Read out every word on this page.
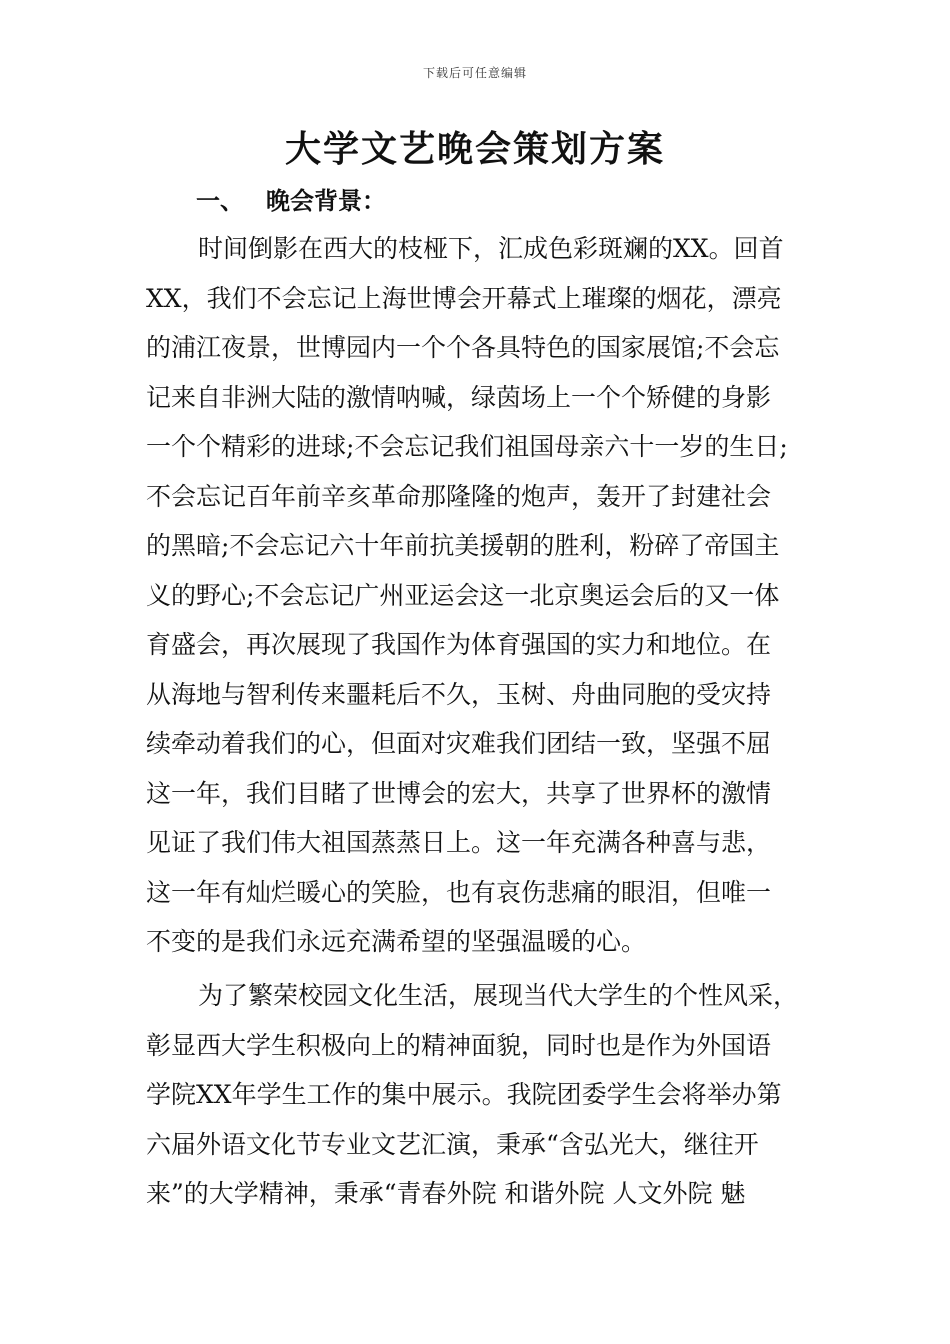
下载后可任意编辑
大学文艺晚会策划方案
一、 晚会背景：
时间倒影在西大的枝桠下，汇成色彩斑斓的XX。回首
XX，我们不会忘记上海世博会开幕式上璀璨的烟花，漂亮
的浦江夜景，世博园内一个个各具特色的国家展馆;不会忘
记来自非洲大陆的激情呐喊，绿茵场上一个个矫健的身影
一个个精彩的进球;不会忘记我们祖国母亲六十一岁的生日;
不会忘记百年前辛亥革命那隆隆的炮声，轰开了封建社会
的黑暗;不会忘记六十年前抗美援朝的胜利，粉碎了帝国主
义的野心;不会忘记广州亚运会这一北京奥运会后的又一体
育盛会，再次展现了我国作为体育强国的实力和地位。在
从海地与智利传来噩耗后不久，玉树、舟曲同胞的受灾持
续牵动着我们的心，但面对灾难我们团结一致，坚强不屈
这一年，我们目睹了世博会的宏大，共享了世界杯的激情
见证了我们伟大祖国蒸蒸日上。这一年充满各种喜与悲，
这一年有灿烂暖心的笑脸，也有哀伤悲痛的眼泪，但唯一
不变的是我们永远充满希望的坚强温暖的心。
为了繁荣校园文化生活，展现当代大学生的个性风采，
彰显西大学生积极向上的精神面貌，同时也是作为外国语
学院XX年学生工作的集中展示。我院团委学生会将举办第
六届外语文化节专业文艺汇演，秉承“含弘光大，继往开
来”的大学精神，秉承“青春外院 和谐外院 人文外院 魅
